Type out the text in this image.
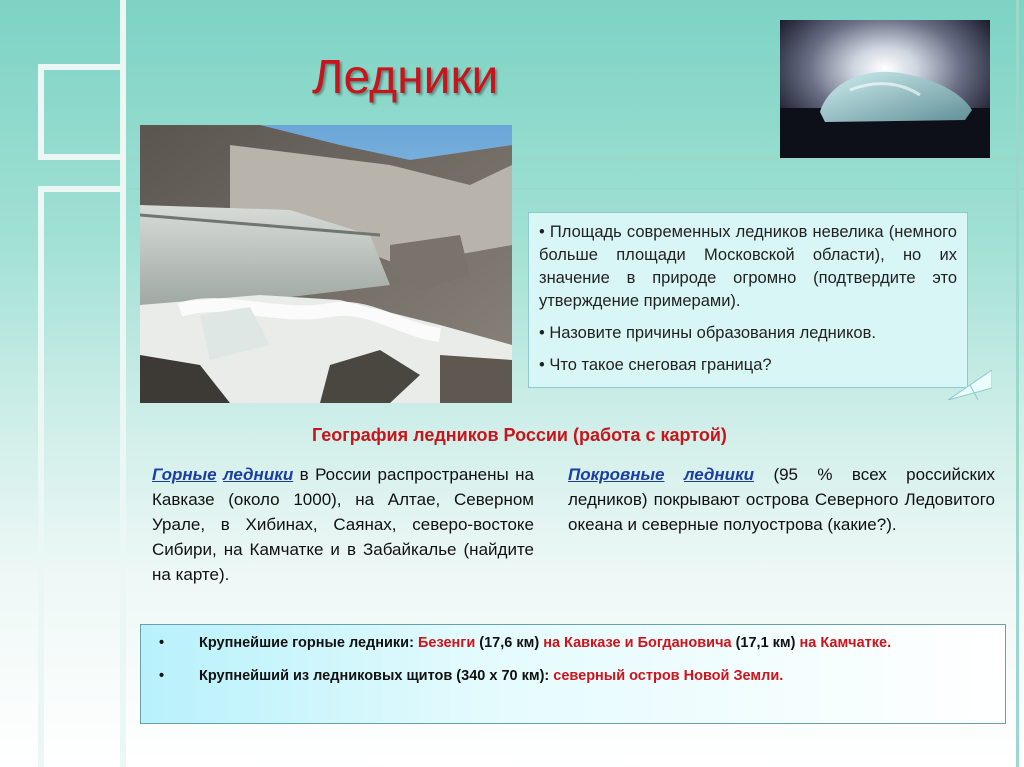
Ледники

• Площадь современных ледников невелика (немного больше площади Московской области), но их значение в природе огромно (подтвердите это утверждение примерами).

• Назовите причины образования ледников.

• Что такое снеговая граница?

География ледников России (работа с картой)
Горные ледники в России распространены на Кавказе (около 1000), на Алтае, Северном Урале, в Хибинах, Саянах, северо-востоке Сибири, на Камчатке и в Забайкалье (найдите на карте).
Покровные ледники (95 % всех российских ледников) покрывают острова Северного Ледовитого океана и северные полуострова (какие?).
• Крупнейшие горные ледники: Безенги (17,6 км) на Кавказе и Богдановича (17,1 км) на Камчатке.
• Крупнейший из ледниковых щитов (340 х 70 км): северный остров Новой Земли.
